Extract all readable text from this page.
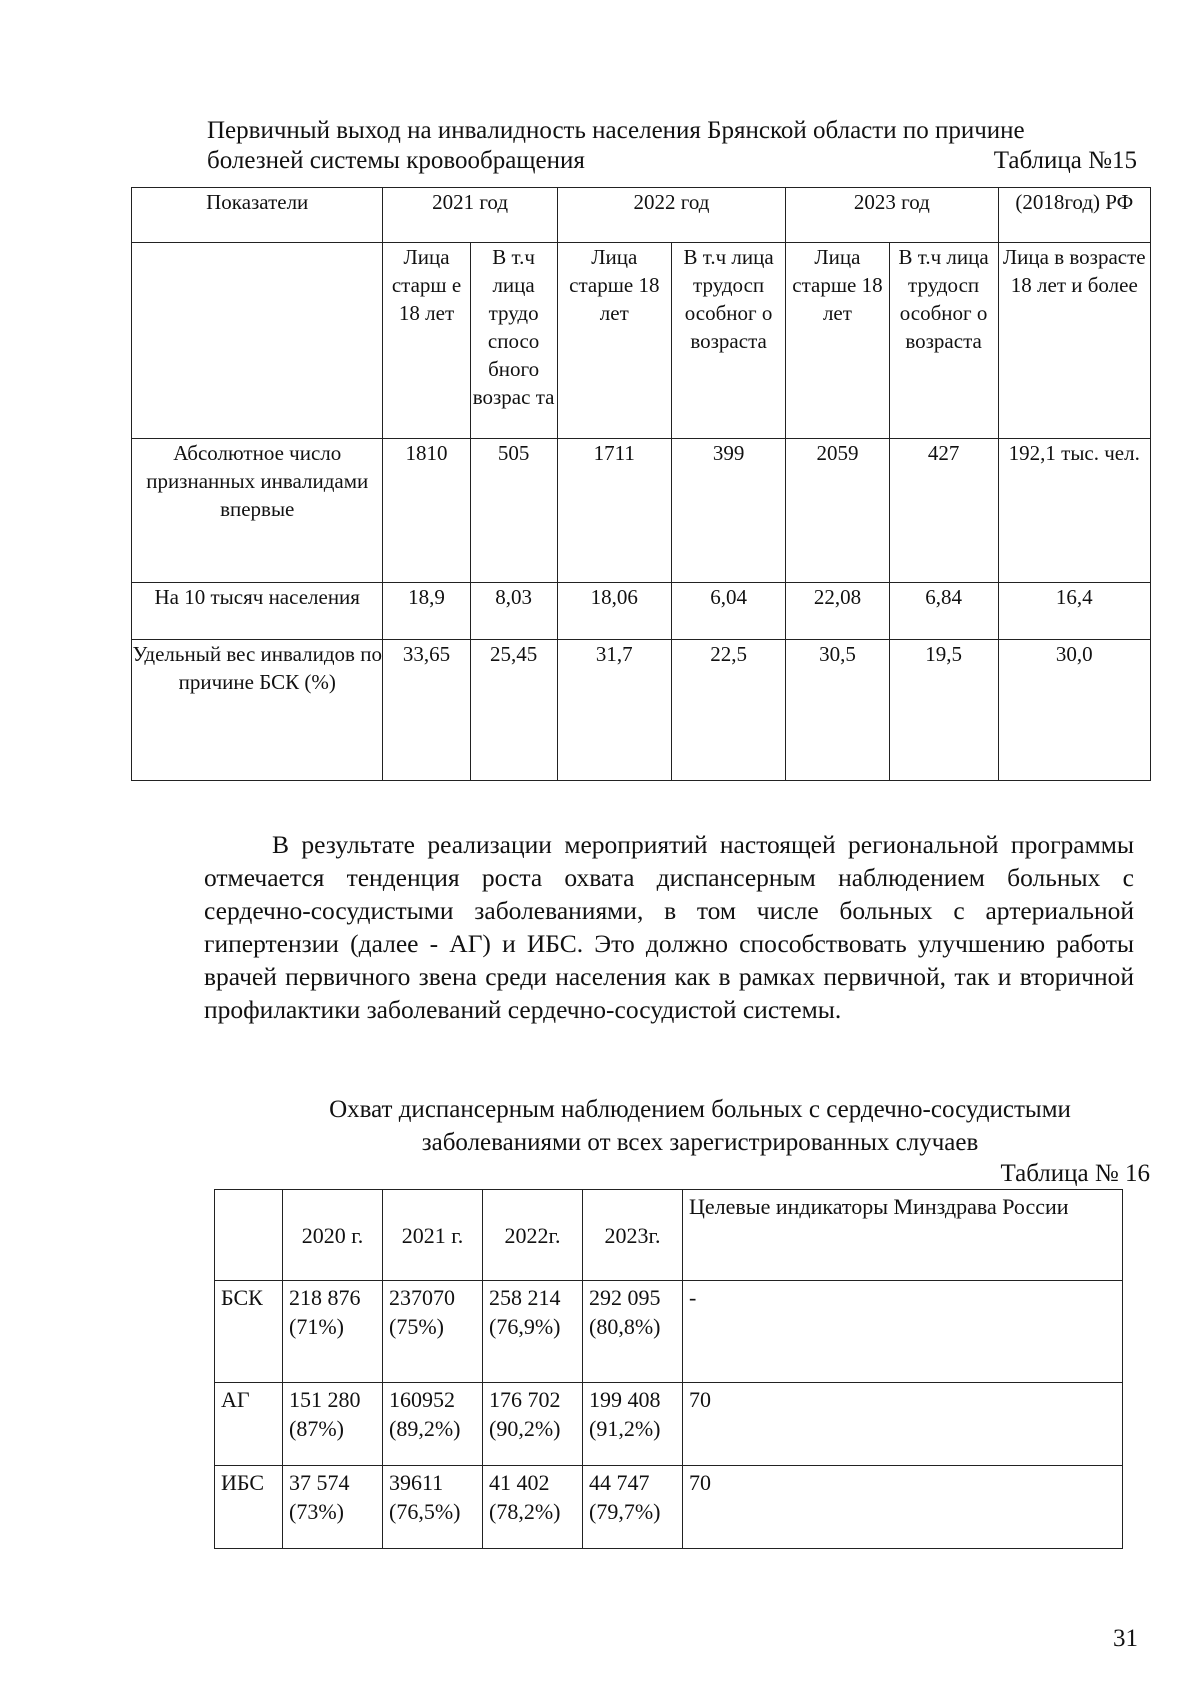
Первичный выход на инвалидность населения Брянской области по причине
болезней системы кровообращения	Таблица №15
Показатели	2021 год		2022 год		2023 год		(2018год) РФ
	Лица старш е 18 лет	В т.ч лица трудо спосо бного возрас та	Лица старше 18 лет	В т.ч лица трудосп особног о возраста	Лица старше 18 лет	В т.ч лица трудосп особног о возраста	Лица в возрасте 18 лет и более
Абсолютное число признанных инвалидами впервые	1810	505	1711	399	2059	427	192,1 тыс. чел.
На 10 тысяч населения	18,9	8,03	18,06	6,04	22,08	6,84	16,4
Удельный вес инвалидов по причине БСК (%)	33,65	25,45	31,7	22,5	30,5	19,5	30,0
В результате реализации мероприятий настоящей региональной программы отмечается тенденция роста охвата диспансерным наблюдением больных с сердечно-сосудистыми заболеваниями, в том числе больных с артериальной гипертензии (далее - АГ) и ИБС. Это должно способствовать улучшению работы врачей первичного звена среди населения как в рамках первичной, так и вторичной профилактики заболеваний сердечно-сосудистой системы.
Охват диспансерным наблюдением больных с сердечно-сосудистыми
заболеваниями от всех зарегистрированных случаев
Таблица № 16
	2020 г.	2021 г.	2022г.	2023г.	Целевые индикаторы Минздрава России
БСК	218 876 (71%)	237070 (75%)	258 214 (76,9%)	292 095 (80,8%)	-
АГ	151 280 (87%)	160952 (89,2%)	176 702 (90,2%)	199 408 (91,2%)	70
ИБС	37 574 (73%)	39611 (76,5%)	41 402 (78,2%)	44 747 (79,7%)	70
31
